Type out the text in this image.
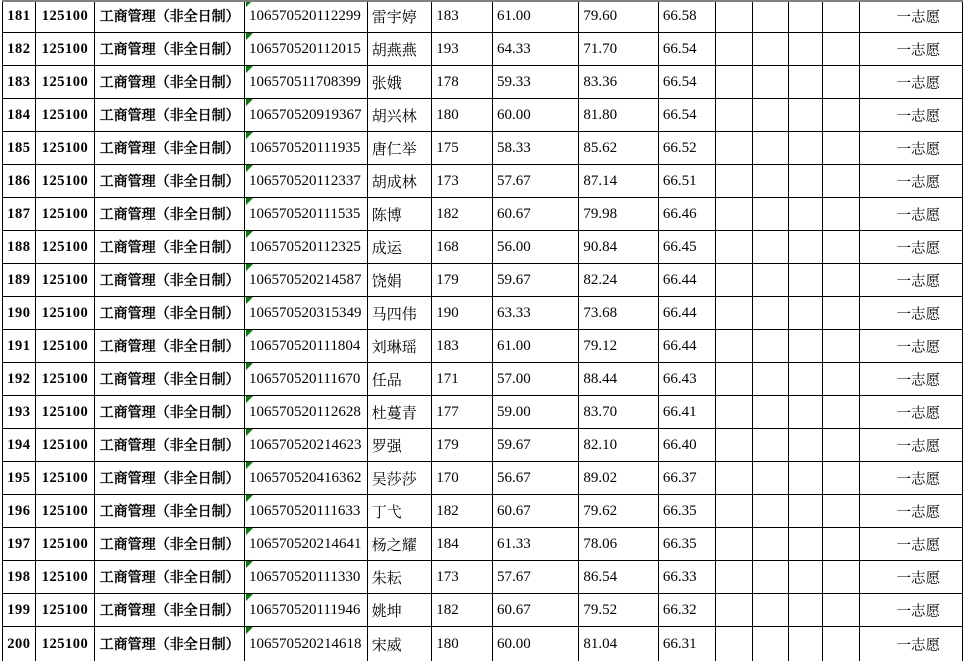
181	125100	工商管理（非全日制）	106570520112299	雷宇婷	183	61.00	79.60	66.58					一志愿
182	125100	工商管理（非全日制）	106570520112015	胡燕燕	193	64.33	71.70	66.54					一志愿
183	125100	工商管理（非全日制）	106570511708399	张娥	178	59.33	83.36	66.54					一志愿
184	125100	工商管理（非全日制）	106570520919367	胡兴林	180	60.00	81.80	66.54					一志愿
185	125100	工商管理（非全日制）	106570520111935	唐仁举	175	58.33	85.62	66.52					一志愿
186	125100	工商管理（非全日制）	106570520112337	胡成林	173	57.67	87.14	66.51					一志愿
187	125100	工商管理（非全日制）	106570520111535	陈博	182	60.67	79.98	66.46					一志愿
188	125100	工商管理（非全日制）	106570520112325	成运	168	56.00	90.84	66.45					一志愿
189	125100	工商管理（非全日制）	106570520214587	饶娟	179	59.67	82.24	66.44					一志愿
190	125100	工商管理（非全日制）	106570520315349	马四伟	190	63.33	73.68	66.44					一志愿
191	125100	工商管理（非全日制）	106570520111804	刘琳瑶	183	61.00	79.12	66.44					一志愿
192	125100	工商管理（非全日制）	106570520111670	任品	171	57.00	88.44	66.43					一志愿
193	125100	工商管理（非全日制）	106570520112628	杜蔓青	177	59.00	83.70	66.41					一志愿
194	125100	工商管理（非全日制）	106570520214623	罗强	179	59.67	82.10	66.40					一志愿
195	125100	工商管理（非全日制）	106570520416362	吴莎莎	170	56.67	89.02	66.37					一志愿
196	125100	工商管理（非全日制）	106570520111633	丁弋	182	60.67	79.62	66.35					一志愿
197	125100	工商管理（非全日制）	106570520214641	杨之耀	184	61.33	78.06	66.35					一志愿
198	125100	工商管理（非全日制）	106570520111330	朱耘	173	57.67	86.54	66.33					一志愿
199	125100	工商管理（非全日制）	106570520111946	姚坤	182	60.67	79.52	66.32					一志愿
200	125100	工商管理（非全日制）	106570520214618	宋威	180	60.00	81.04	66.31					一志愿
